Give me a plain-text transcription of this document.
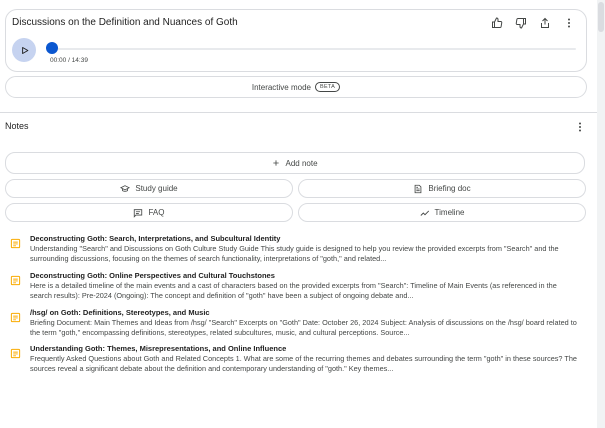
Discussions on the Definition and Nuances of Goth
00:00 / 14:39
Interactive mode	BETA
Notes
Add note
Study guide	Briefing doc
FAQ	Timeline
Deconstructing Goth: Search, Interpretations, and Subcultural Identity
Understanding "Search" and Discussions on Goth Culture Study Guide This study guide is designed to help you review the provided excerpts from "Search" and the surrounding discussions, focusing on the themes of search functionality, interpretations of "goth," and related...
Deconstructing Goth: Online Perspectives and Cultural Touchstones
Here is a detailed timeline of the main events and a cast of characters based on the provided excerpts from "Search": Timeline of Main Events (as referenced in the search results): Pre-2024 (Ongoing): The concept and definition of "goth" have been a subject of ongoing debate and...
/hsg/ on Goth: Definitions, Stereotypes, and Music
Briefing Document: Main Themes and Ideas from /hsg/ "Search" Excerpts on "Goth" Date: October 26, 2024 Subject: Analysis of discussions on the /hsg/ board related to the term "goth," encompassing definitions, stereotypes, related subcultures, music, and cultural perceptions. Source...
Understanding Goth: Themes, Misrepresentations, and Online Influence
Frequently Asked Questions about Goth and Related Concepts 1. What are some of the recurring themes and debates surrounding the term "goth" in these sources? The sources reveal a significant debate about the definition and contemporary understanding of "goth." Key themes...
